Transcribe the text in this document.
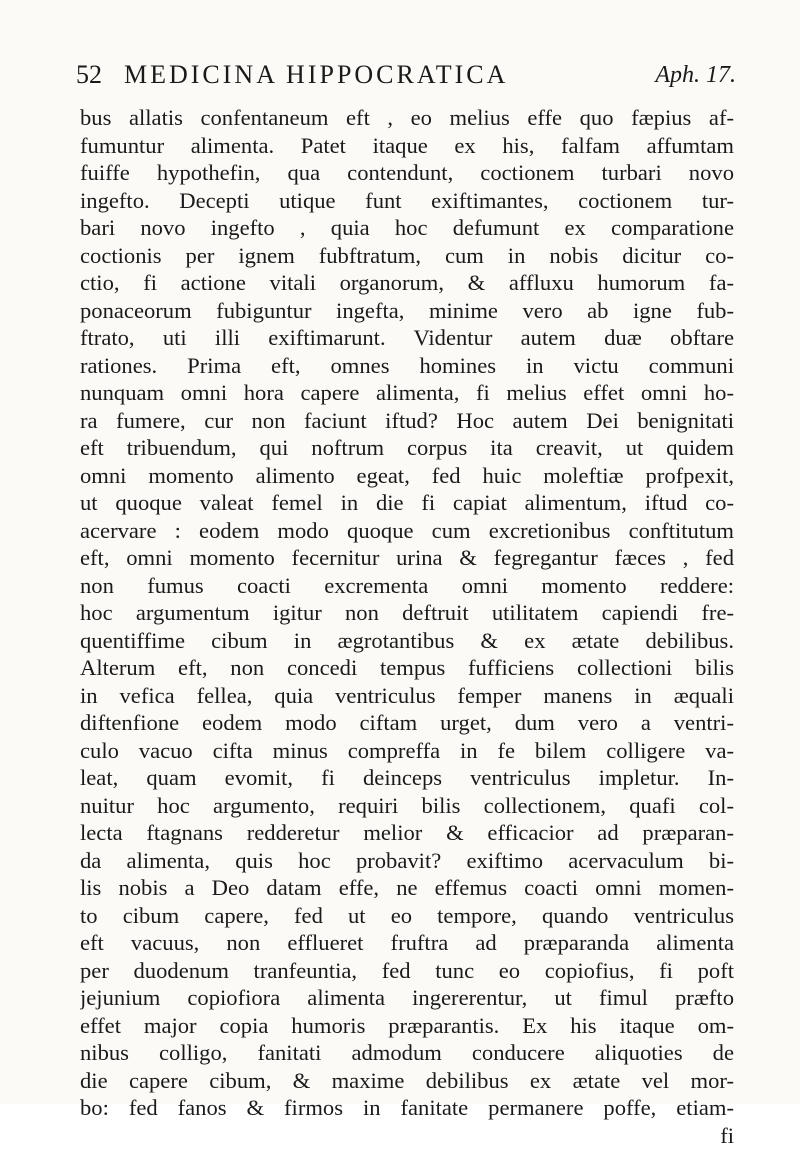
52 MEDICINA HIPPOCRATICA	Aph. 17.
bus allatis confentaneum eft , eo melius effe quo fæpius af-
fumuntur alimenta. Patet itaque ex his, falfam affumtam
fuiffe hypothefin, qua contendunt, coctionem turbari novo
ingefto. Decepti utique funt exiftimantes, coctionem tur-
bari novo ingefto , quia hoc defumunt ex comparatione
coctionis per ignem fubftratum, cum in nobis dicitur co-
ctio, fi actione vitali organorum, & affluxu humorum fa-
ponaceorum fubiguntur ingefta, minime vero ab igne fub-
ftrato, uti illi exiftimarunt. Videntur autem duæ obftare
rationes. Prima eft, omnes homines in victu communi
nunquam omni hora capere alimenta, fi melius effet omni ho-
ra fumere, cur non faciunt iftud? Hoc autem Dei benignitati
eft tribuendum, qui noftrum corpus ita creavit, ut quidem
omni momento alimento egeat, fed huic moleftiæ profpexit,
ut quoque valeat femel in die fi capiat alimentum, iftud co-
acervare : eodem modo quoque cum excretionibus conftitutum
eft, omni momento fecernitur urina & fegregantur fæces , fed
non fumus coacti excrementa omni momento reddere:
hoc argumentum igitur non deftruit utilitatem capiendi fre-
quentiffime cibum in ægrotantibus & ex ætate debilibus.
Alterum eft, non concedi tempus fufficiens collectioni bilis
in vefica fellea, quia ventriculus femper manens in æquali
diftenfione eodem modo ciftam urget, dum vero a ventri-
culo vacuo cifta minus compreffa in fe bilem colligere va-
leat, quam evomit, fi deinceps ventriculus impletur. In-
nuitur hoc argumento, requiri bilis collectionem, quafi col-
lecta ftagnans redderetur melior & efficacior ad præparan-
da alimenta, quis hoc probavit? exiftimo acervaculum bi-
lis nobis a Deo datam effe, ne effemus coacti omni momen-
to cibum capere, fed ut eo tempore, quando ventriculus
eft vacuus, non efflueret fruftra ad præparanda alimenta
per duodenum tranfeuntia, fed tunc eo copiofius, fi poft
jejunium copiofiora alimenta ingererentur, ut fimul præfto
effet major copia humoris præparantis. Ex his itaque om-
nibus colligo, fanitati admodum conducere aliquoties de
die capere cibum, & maxime debilibus ex ætate vel mor-
bo: fed fanos & firmos in fanitate permanere poffe, etiam-
fi
